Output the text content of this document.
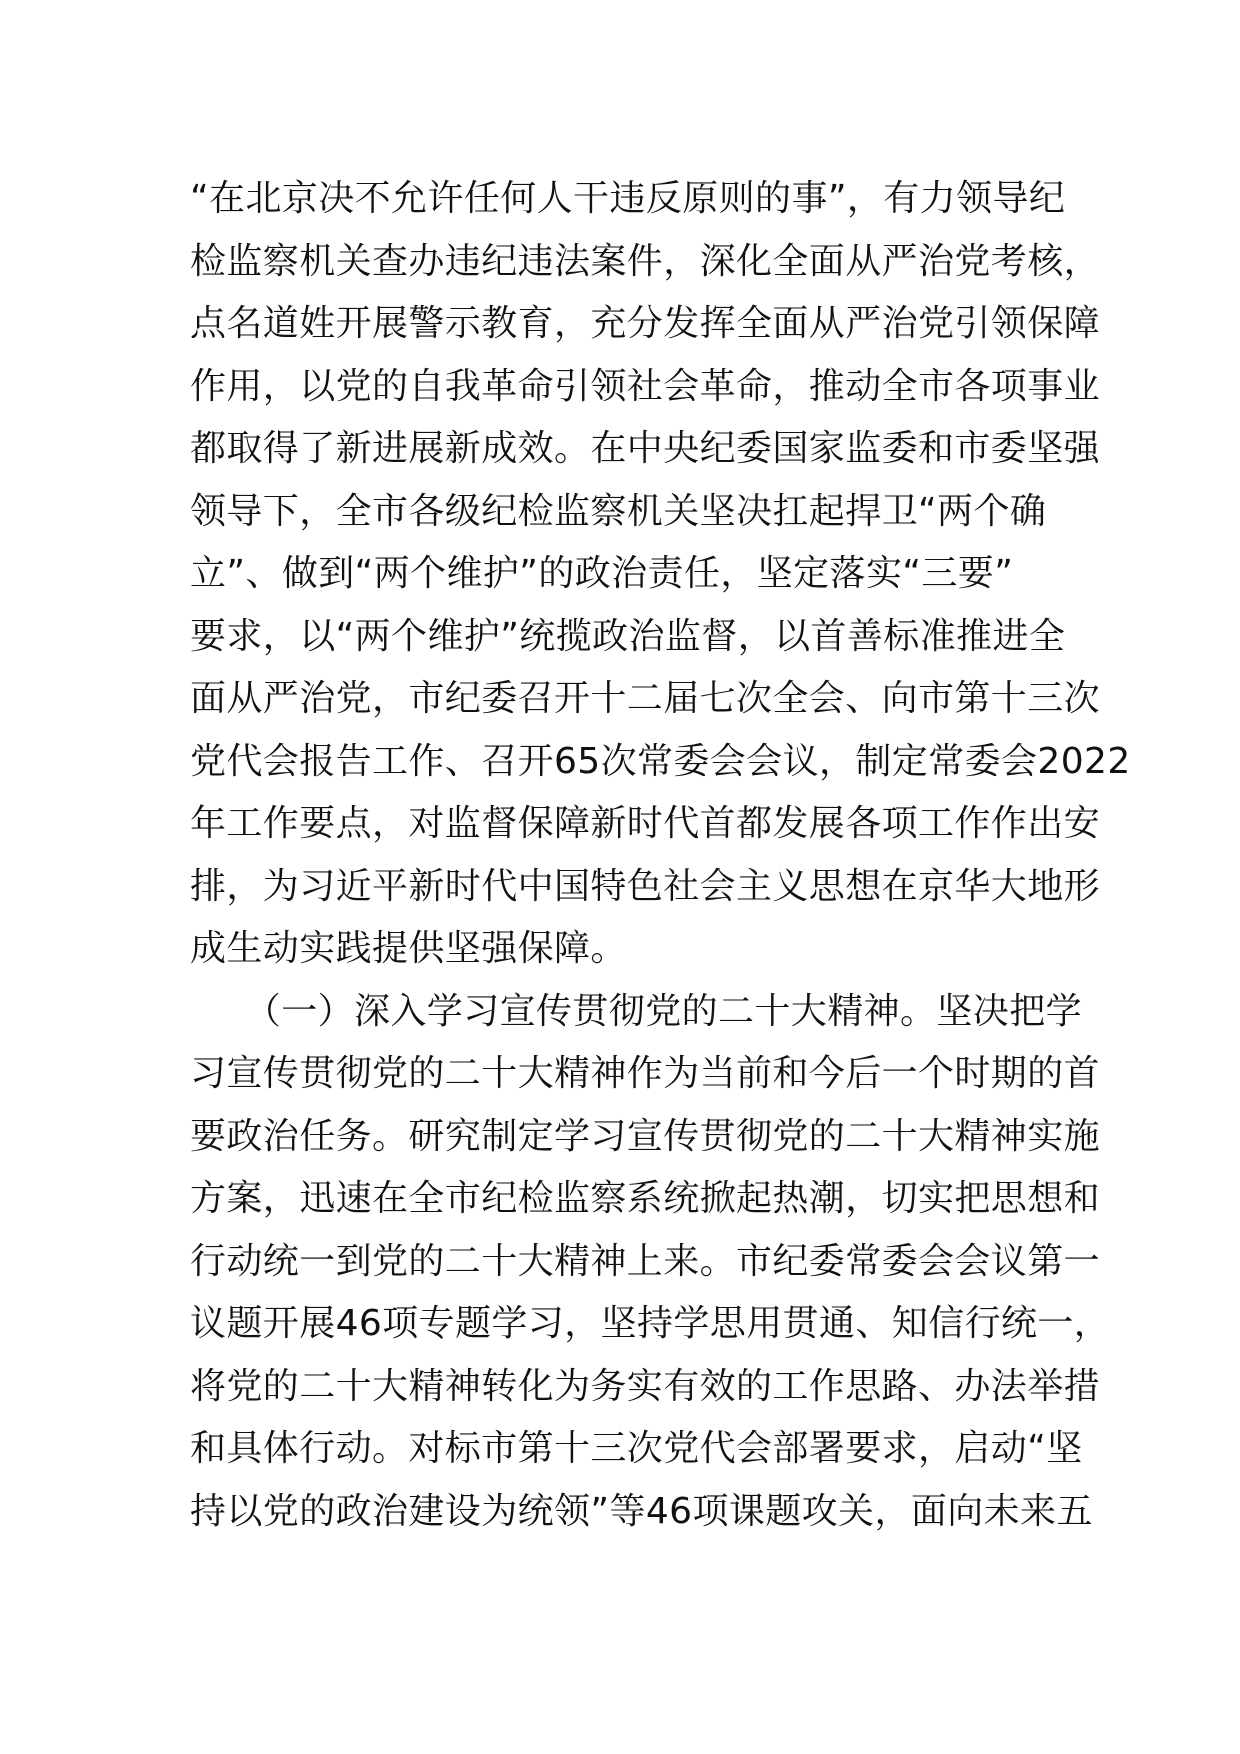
“在北京决不允许任何人干违反原则的事”，有力领导纪
检监察机关查办违纪违法案件，深化全面从严治党考核，
点名道姓开展警示教育，充分发挥全面从严治党引领保障
作用，以党的自我革命引领社会革命，推动全市各项事业
都取得了新进展新成效。在中央纪委国家监委和市委坚强
领导下，全市各级纪检监察机关坚决扛起捍卫“两个确
立”、做到“两个维护”的政治责任，坚定落实“三要”
要求，以“两个维护”统揽政治监督，以首善标准推进全
面从严治党，市纪委召开十二届七次全会、向市第十三次
党代会报告工作、召开65次常委会会议，制定常委会2022
年工作要点，对监督保障新时代首都发展各项工作作出安
排，为习近平新时代中国特色社会主义思想在京华大地形
成生动实践提供坚强保障。
　　（一）深入学习宣传贯彻党的二十大精神。坚决把学
习宣传贯彻党的二十大精神作为当前和今后一个时期的首
要政治任务。研究制定学习宣传贯彻党的二十大精神实施
方案，迅速在全市纪检监察系统掀起热潮，切实把思想和
行动统一到党的二十大精神上来。市纪委常委会会议第一
议题开展46项专题学习，坚持学思用贯通、知信行统一，
将党的二十大精神转化为务实有效的工作思路、办法举措
和具体行动。对标市第十三次党代会部署要求，启动“坚
持以党的政治建设为统领”等46项课题攻关，面向未来五
